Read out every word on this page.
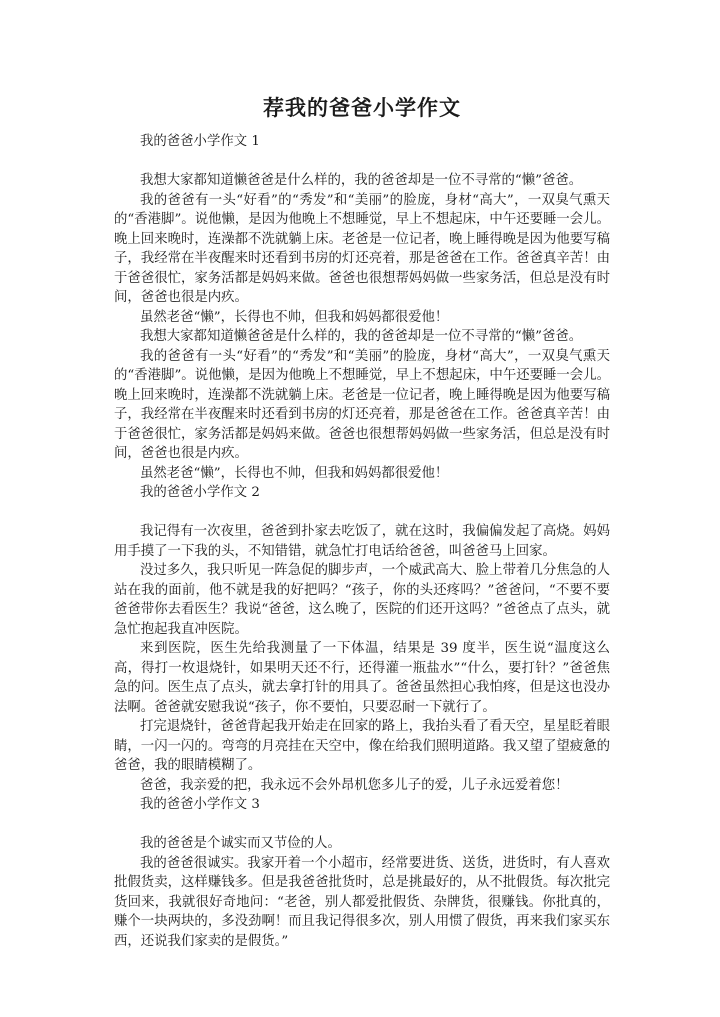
荐我的爸爸小学作文
我的爸爸小学作文 1

我想大家都知道懒爸爸是什么样的，我的爸爸却是一位不寻常的“懒”爸爸。

我的爸爸有一头“好看”的“秀发”和“美丽”的脸庞，身材“高大”，一双臭气熏天的“香港脚”。说他懒，是因为他晚上不想睡觉，早上不想起床，中午还要睡一会儿。晚上回来晚时，连澡都不洗就躺上床。老爸是一位记者，晚上睡得晚是因为他要写稿子，我经常在半夜醒来时还看到书房的灯还亮着，那是爸爸在工作。爸爸真辛苦！由于爸爸很忙，家务活都是妈妈来做。爸爸也很想帮妈妈做一些家务活，但总是没有时间，爸爸也很是内疚。

虽然老爸“懒”，长得也不帅，但我和妈妈都很爱他！

我想大家都知道懒爸爸是什么样的，我的爸爸却是一位不寻常的“懒”爸爸。

我的爸爸有一头“好看”的“秀发”和“美丽”的脸庞，身材“高大”，一双臭气熏天的“香港脚”。说他懒，是因为他晚上不想睡觉，早上不想起床，中午还要睡一会儿。晚上回来晚时，连澡都不洗就躺上床。老爸是一位记者，晚上睡得晚是因为他要写稿子，我经常在半夜醒来时还看到书房的灯还亮着，那是爸爸在工作。爸爸真辛苦！由于爸爸很忙，家务活都是妈妈来做。爸爸也很想帮妈妈做一些家务活，但总是没有时间，爸爸也很是内疚。

虽然老爸“懒”，长得也不帅，但我和妈妈都很爱他！

我的爸爸小学作文 2

我记得有一次夜里，爸爸到扑家去吃饭了，就在这时，我偏偏发起了高烧。妈妈用手摸了一下我的头，不知错错，就急忙打电话给爸爸，叫爸爸马上回家。

没过多久，我只听见一阵急促的脚步声，一个威武高大、脸上带着几分焦急的人站在我的面前，他不就是我的好把吗？“孩子，你的头还疼吗？”爸爸问，“不要不要爸爸带你去看医生？我说“爸爸，这么晚了，医院的们还开这吗？”爸爸点了点头，就急忙抱起我直冲医院。

来到医院，医生先给我测量了一下体温，结果是 39 度半，医生说“温度这么高，得打一枚退烧针，如果明天还不行，还得灌一瓶盐水”“什么，要打针？”爸爸焦急的问。医生点了点头，就去拿打针的用具了。爸爸虽然担心我怕疼，但是这也没办法啊。爸爸就安慰我说“孩子，你不要怕，只要忍耐一下就行了。

打完退烧针，爸爸背起我开始走在回家的路上，我抬头看了看天空，星星眨着眼睛，一闪一闪的。弯弯的月亮挂在天空中，像在给我们照明道路。我又望了望疲惫的爸爸，我的眼睛模糊了。

爸爸，我亲爱的把，我永远不会外昂机您多儿子的爱，儿子永远爱着您！

我的爸爸小学作文 3

我的爸爸是个诚实而又节俭的人。

我的爸爸很诚实。我家开着一个小超市，经常要进货、送货，进货时，有人喜欢批假货卖，这样赚钱多。但是我爸爸批货时，总是挑最好的，从不批假货。每次批完货回来，我就很好奇地问：“老爸，别人都爱批假货、杂牌货，很赚钱。你批真的，赚个一块两块的，多没劲啊！而且我记得很多次，别人用惯了假货，再来我们家买东西，还说我们家卖的是假货。”
